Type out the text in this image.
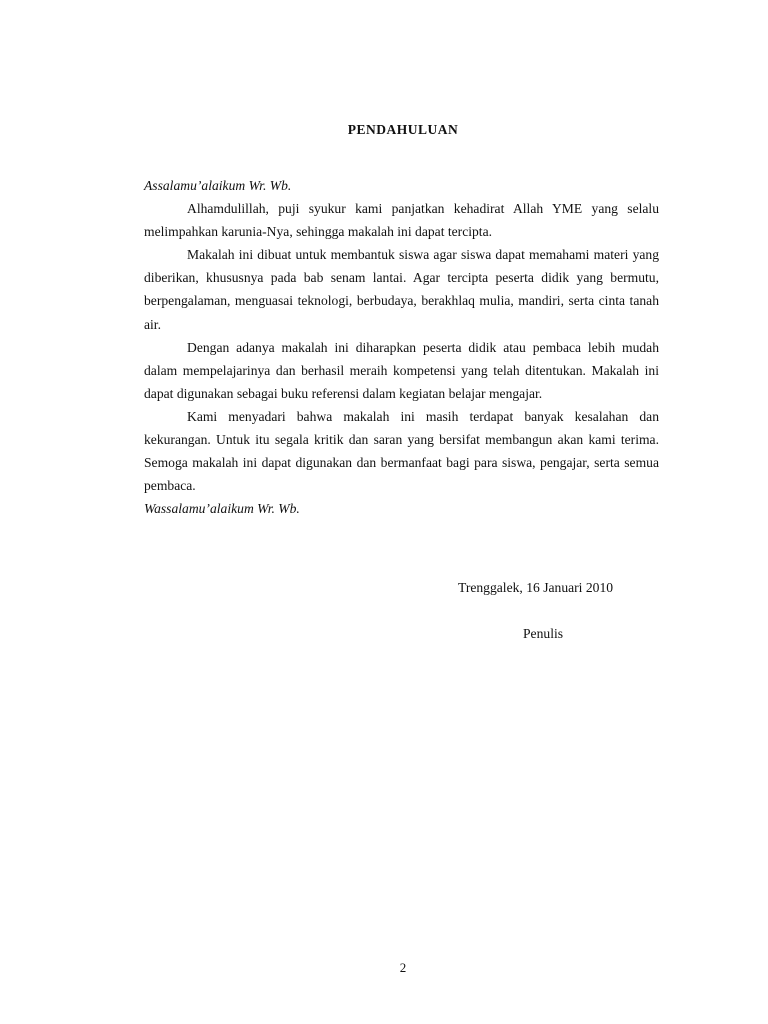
PENDAHULUAN
Assalamu’alaikum Wr. Wb.

Alhamdulillah, puji syukur kami panjatkan kehadirat Allah YME yang selalu melimpahkan karunia-Nya, sehingga makalah ini dapat tercipta.

Makalah ini dibuat untuk membantuk siswa agar siswa dapat memahami materi yang diberikan, khususnya pada bab senam lantai. Agar tercipta peserta didik yang bermutu, berpengalaman, menguasai teknologi, berbudaya, berakhlaq mulia, mandiri, serta cinta tanah air.

Dengan adanya makalah ini diharapkan peserta didik atau pembaca lebih mudah dalam mempelajarinya dan berhasil meraih kompetensi yang telah ditentukan. Makalah ini dapat digunakan sebagai buku referensi dalam kegiatan belajar mengajar.

Kami menyadari bahwa makalah ini masih terdapat banyak kesalahan dan kekurangan. Untuk itu segala kritik dan saran yang bersifat membangun akan kami terima. Semoga makalah ini dapat digunakan dan bermanfaat bagi para siswa, pengajar, serta semua pembaca.

Wassalamu’alaikum Wr. Wb.
Trenggalek, 16 Januari 2010
Penulis
2
